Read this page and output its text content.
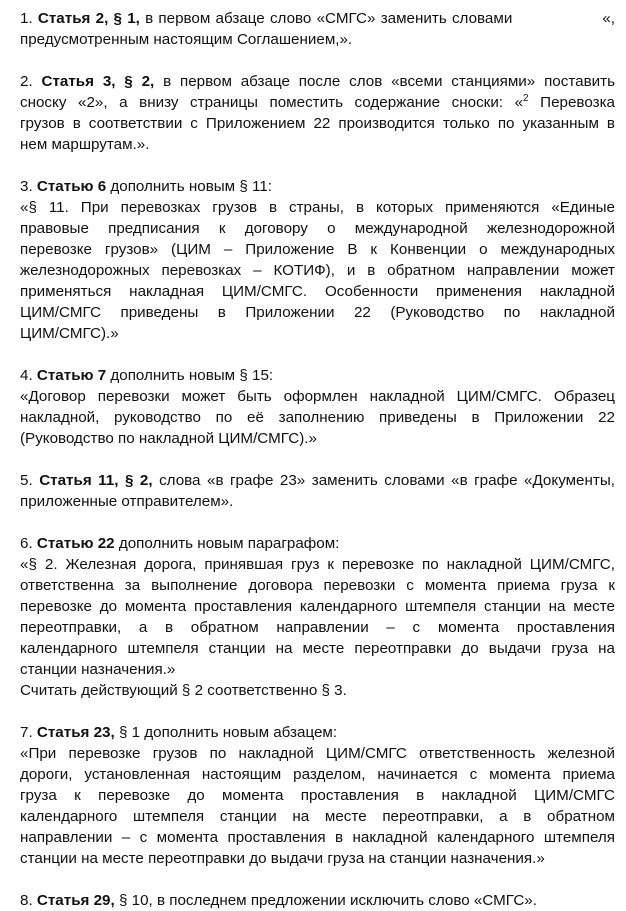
1. Статья 2, § 1, в первом абзаце слово «СМГС» заменить словами	«,
предусмотренным настоящим Соглашением,».
2. Статья 3, § 2, в первом абзаце после слов «всеми станциями» поставить
сноску «2», а внизу страницы поместить содержание сноски: «$^2$ Перевозка
грузов в соответствии с Приложением 22 производится только по указанным в
нем маршрутам.».
3. Статью 6 дополнить новым § 11:
«§ 11. При перевозках грузов в страны, в которых применяются «Единые
правовые предписания к договору о международной железнодорожной
перевозке грузов» (ЦИМ – Приложение В к Конвенции о международных
железнодорожных перевозках – КОТИФ), и в обратном направлении может
применяться накладная ЦИМ/СМГС. Особенности применения накладной
ЦИМ/СМГС приведены в Приложении 22 (Руководство по накладной
ЦИМ/СМГС).»
4. Статью 7 дополнить новым § 15:
«Договор перевозки может быть оформлен накладной ЦИМ/СМГС. Образец
накладной, руководство по её заполнению приведены в Приложении 22
(Руководство по накладной ЦИМ/СМГС).»
5. Статья 11, § 2, слова «в графе 23» заменить словами «в графе «Документы,
приложенные отправителем».
6. Статью 22 дополнить новым параграфом:
«§ 2. Железная дорога, принявшая груз к перевозке по накладной ЦИМ/СМГС,
ответственна за выполнение договора перевозки с момента приема груза к
перевозке до момента проставления календарного штемпеля станции на месте
переотправки, а в обратном направлении – с момента проставления
календарного штемпеля станции на месте переотправки до выдачи груза на
станции назначения.»
Считать действующий § 2 соответственно § 3.
7. Статья 23, § 1 дополнить новым абзацем:
«При перевозке грузов по накладной ЦИМ/СМГС ответственность железной
дороги, установленная настоящим разделом, начинается с момента приема
груза к перевозке до момента проставления в накладной ЦИМ/СМГС
календарного штемпеля станции на месте переотправки, а в обратном
направлении – с момента проставления в накладной календарного штемпеля
станции на месте переотправки до выдачи груза на станции назначения.»
8. Статья 29, § 10, в последнем предложении исключить слово «СМГС».
